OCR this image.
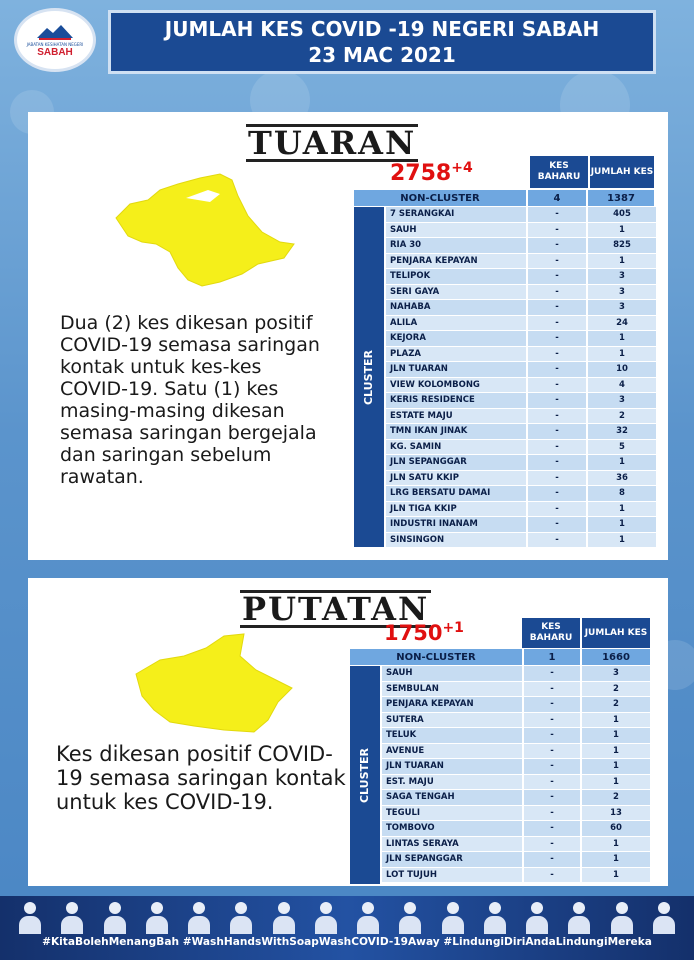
JABATAN KESIHATAN NEGERI
SABAH
JUMLAH KES COVID -19 NEGERI SABAH
23 MAC 2021
TUARAN
Dua (2) kes dikesan positif COVID-19 semasa saringan kontak untuk kes-kes COVID-19. Satu (1) kes masing-masing dikesan semasa saringan bergejala dan saringan sebelum rawatan.
$2758^{+4}$	KES BAHARU
JUMLAH KES
NON-CLUSTER	4	1387
CLUSTER
7 SERANGKAI	-	405
SAUH	-	1
RIA 30	-	825
PENJARA KEPAYAN	-	1
TELIPOK	-	3
SERI GAYA	-	3
NAHABA	-	3
ALILA	-	24
KEJORA	-	1
PLAZA	-	1
JLN TUARAN	-	10
VIEW KOLOMBONG	-	4
KERIS RESIDENCE	-	3
ESTATE MAJU	-	2
TMN IKAN JINAK	-	32
KG. SAMIN	-	5
JLN SEPANGGAR	-	1
JLN SATU KKIP	-	36
LRG BERSATU DAMAI	-	8
JLN TIGA KKIP	-	1
INDUSTRI INANAM	-	1
SINSINGON	-	1
PUTATAN
Kes dikesan positif COVID-19 semasa saringan kontak untuk kes COVID-19.
$1750^{+1}$	KES BAHARU
JUMLAH KES
NON-CLUSTER	1	1660
CLUSTER
SAUH	-	3
SEMBULAN	-	2
PENJARA KEPAYAN	-	2
SUTERA	-	1
TELUK	-	1
AVENUE	-	1
JLN TUARAN	-	1
EST. MAJU	-	1
SAGA TENGAH	-	2
TEGULI	-	13
TOMBOVO	-	60
LINTAS SERAYA	-	1
JLN SEPANGGAR	-	1
LOT TUJUH	-	1
#KitaBolehMenangBah #WashHandsWithSoapWashCOVID-19Away #LindungiDiriAndaLindungiMereka
